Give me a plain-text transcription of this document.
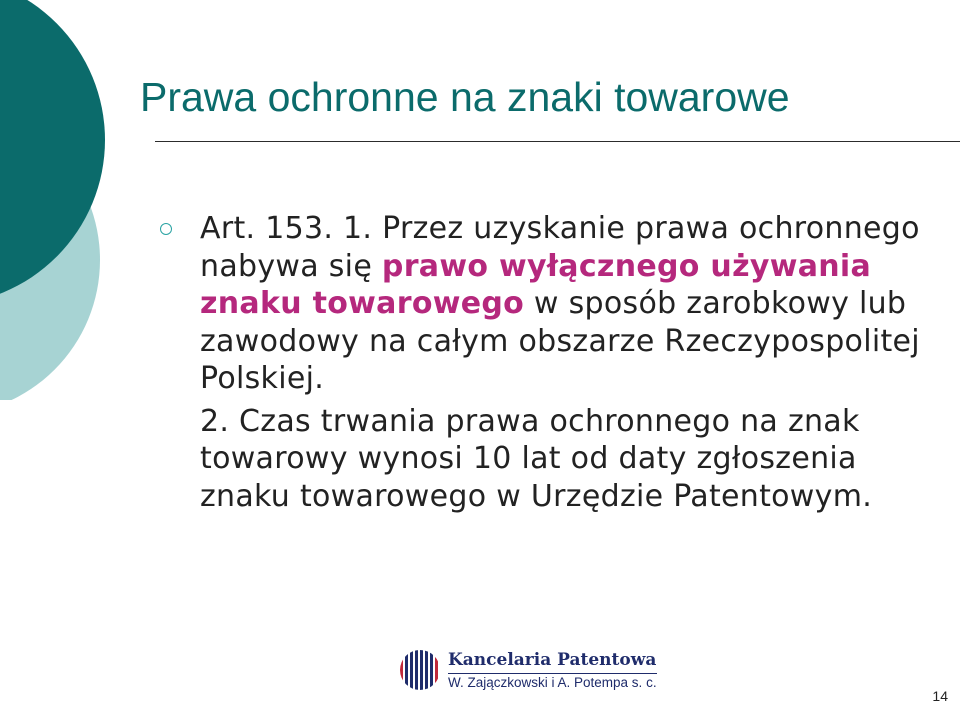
Prawa ochronne na znaki towarowe

Art. 153. 1. Przez uzyskanie prawa ochronnego nabywa się prawo wyłącznego używania znaku towarowego w sposób zarobkowy lub zawodowy na całym obszarze Rzeczypospolitej Polskiej.

2. Czas trwania prawa ochronnego na znak towarowy wynosi 10 lat od daty zgłoszenia znaku towarowego w Urzędzie Patentowym.

Kancelaria Patentowa
W. Zajączkowski i A. Potempa s. c.
14
